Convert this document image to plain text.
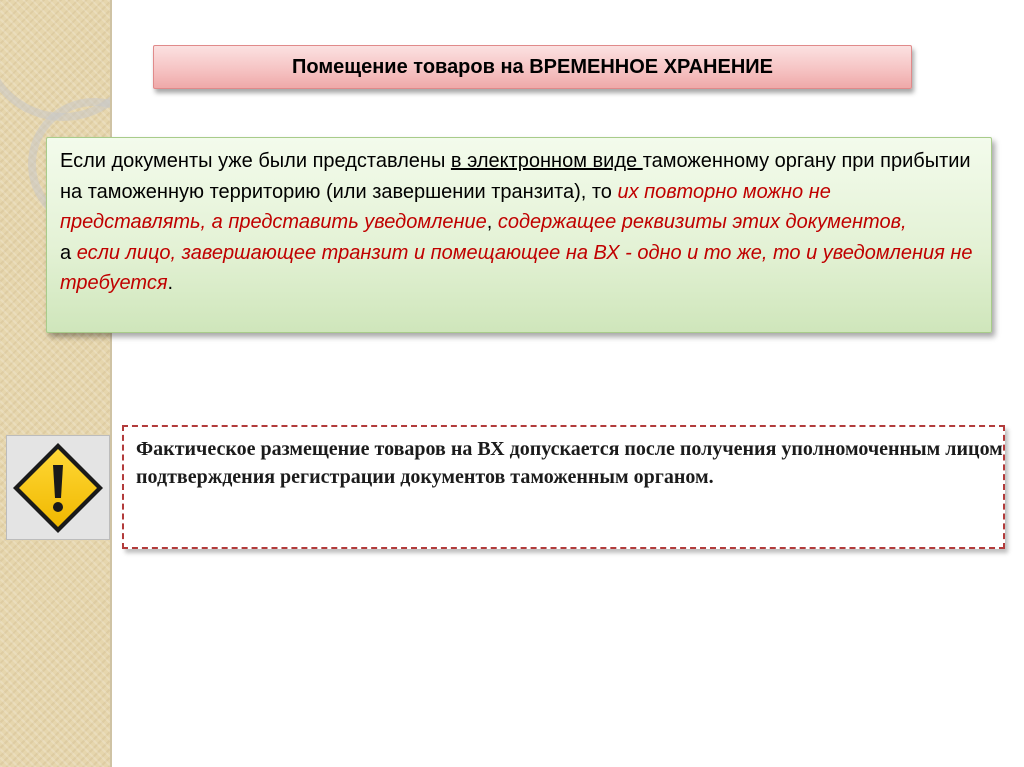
Помещение товаров на ВРЕМЕННОЕ ХРАНЕНИЕ
Если документы уже были представлены в электронном виде таможенному органу при прибытии на таможенную территорию (или завершении транзита), то их повторно можно не представлять, а представить уведомление, содержащее реквизиты этих документов,
а если лицо, завершающее транзит и помещающее на ВХ - одно и то же, то и уведомления не требуется.
Фактическое размещение товаров на ВХ допускается после получения уполномоченным лицом подтверждения регистрации документов таможенным органом.
